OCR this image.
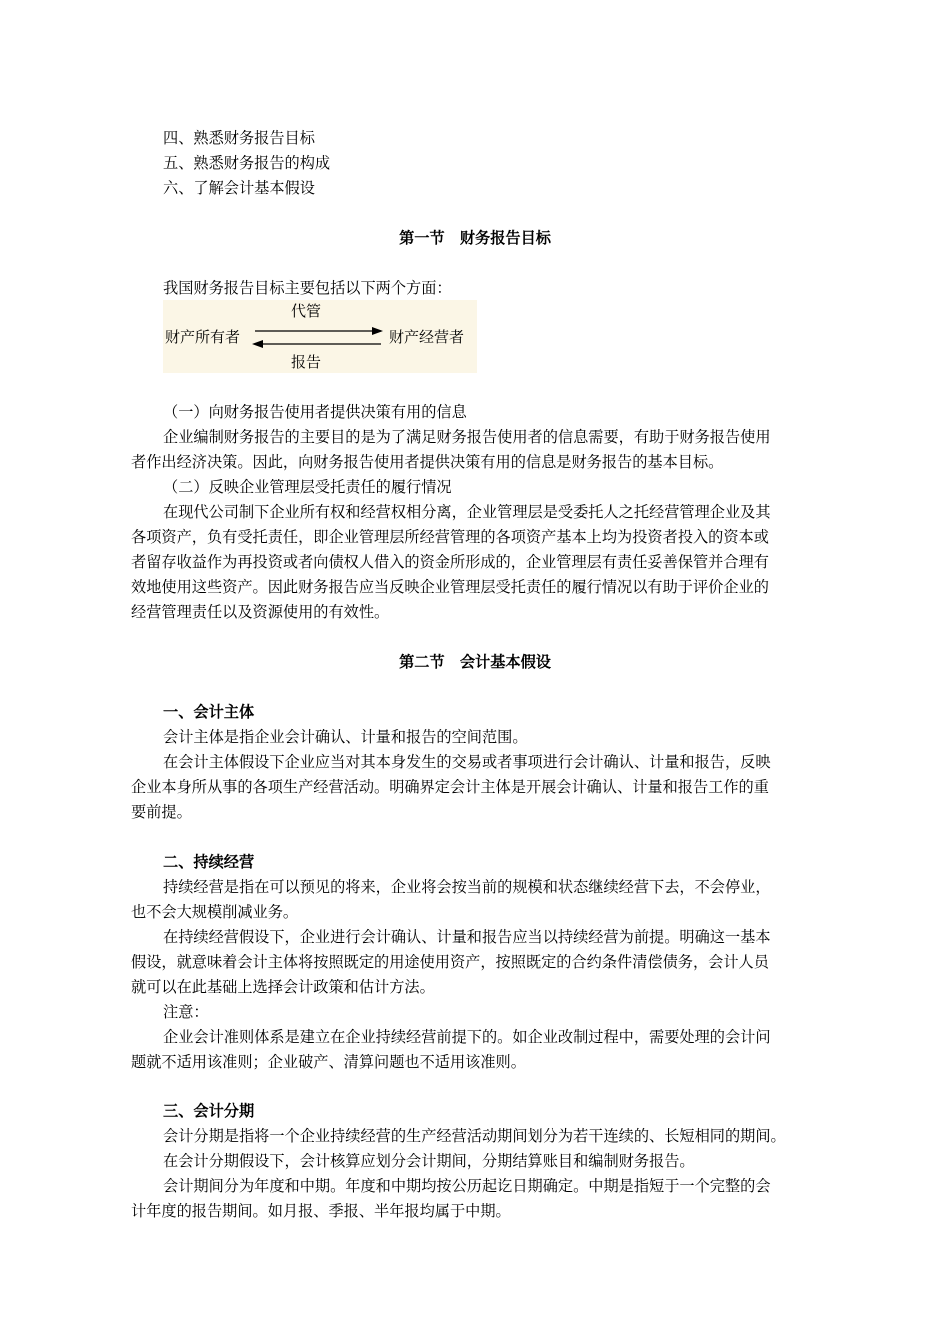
四、熟悉财务报告目标
五、熟悉财务报告的构成
六、了解会计基本假设
第一节　财务报告目标
我国财务报告目标主要包括以下两个方面：
财产所有者	财产经营者
代管
报告
（一）向财务报告使用者提供决策有用的信息
企业编制财务报告的主要目的是为了满足财务报告使用者的信息需要，有助于财务报告使用
者作出经济决策。因此，向财务报告使用者提供决策有用的信息是财务报告的基本目标。
（二）反映企业管理层受托责任的履行情况
在现代公司制下企业所有权和经营权相分离，企业管理层是受委托人之托经营管理企业及其
各项资产，负有受托责任，即企业管理层所经营管理的各项资产基本上均为投资者投入的资本或
者留存收益作为再投资或者向债权人借入的资金所形成的，企业管理层有责任妥善保管并合理有
效地使用这些资产。因此财务报告应当反映企业管理层受托责任的履行情况以有助于评价企业的
经营管理责任以及资源使用的有效性。
第二节　会计基本假设
一、会计主体
会计主体是指企业会计确认、计量和报告的空间范围。
在会计主体假设下企业应当对其本身发生的交易或者事项进行会计确认、计量和报告，反映
企业本身所从事的各项生产经营活动。明确界定会计主体是开展会计确认、计量和报告工作的重
要前提。
二、持续经营
持续经营是指在可以预见的将来，企业将会按当前的规模和状态继续经营下去，不会停业，
也不会大规模削减业务。
在持续经营假设下，企业进行会计确认、计量和报告应当以持续经营为前提。明确这一基本
假设，就意味着会计主体将按照既定的用途使用资产，按照既定的合约条件清偿债务，会计人员
就可以在此基础上选择会计政策和估计方法。
注意：
企业会计准则体系是建立在企业持续经营前提下的。如企业改制过程中，需要处理的会计问
题就不适用该准则；企业破产、清算问题也不适用该准则。
三、会计分期
会计分期是指将一个企业持续经营的生产经营活动期间划分为若干连续的、长短相同的期间。
在会计分期假设下，会计核算应划分会计期间，分期结算账目和编制财务报告。
会计期间分为年度和中期。年度和中期均按公历起讫日期确定。中期是指短于一个完整的会
计年度的报告期间。如月报、季报、半年报均属于中期。
